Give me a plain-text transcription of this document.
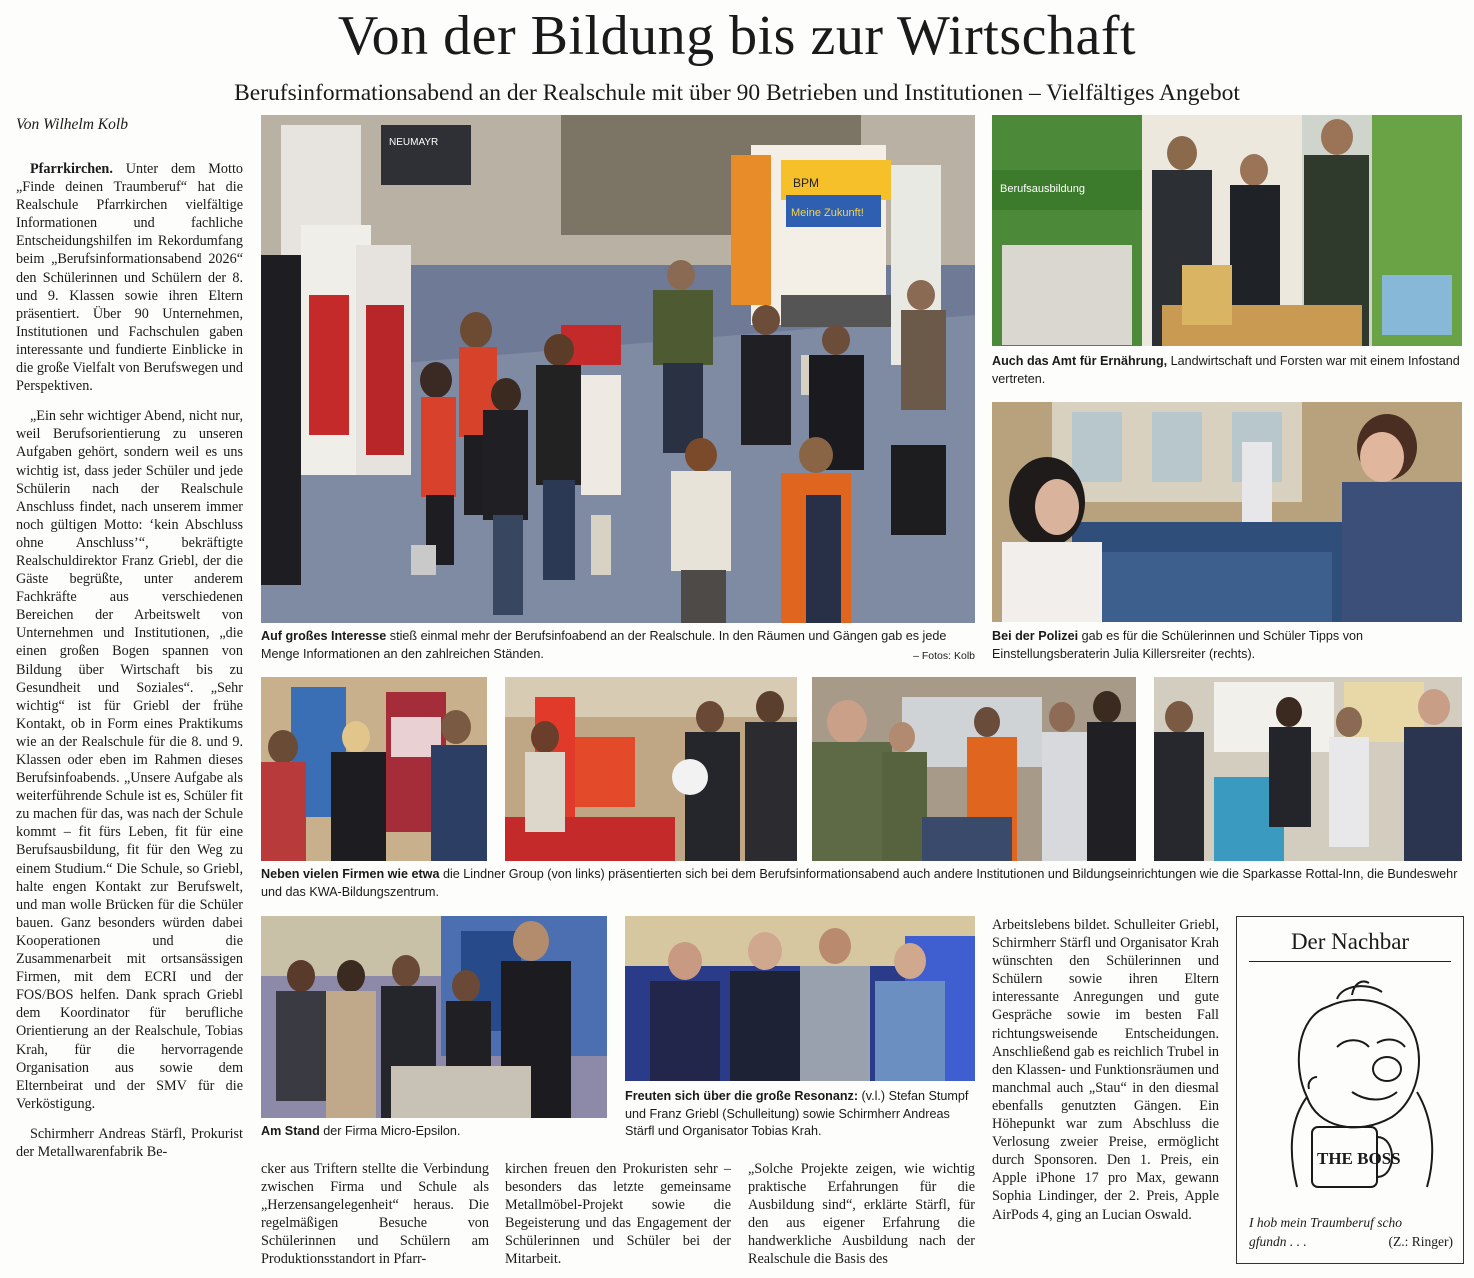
Von der Bildung bis zur Wirtschaft
Berufsinformationsabend an der Realschule mit über 90 Betrieben und Institutionen – Vielfältiges Angebot
Von Wilhelm Kolb

Pfarrkirchen. Unter dem Motto „Finde deinen Traumberuf“ hat die Realschule Pfarrkirchen vielfältige Informationen und fachliche Entscheidungshilfen im Rekordumfang beim „Berufsinformationsabend 2026“ den Schülerinnen und Schülern der 8. und 9. Klassen sowie ihren Eltern präsentiert. Über 90 Unternehmen, Institutionen und Fachschulen gaben interessante und fundierte Einblicke in die große Vielfalt von Berufswegen und Perspektiven.

„Ein sehr wichtiger Abend, nicht nur, weil Berufsorientierung zu unseren Aufgaben gehört, sondern weil es uns wichtig ist, dass jeder Schüler und jede Schülerin nach der Realschule Anschluss findet, nach unserem immer noch gültigen Motto: ‘kein Abschluss ohne Anschluss’“, bekräftigte Realschuldirektor Franz Griebl, der die Gäste begrüßte, unter anderem Fachkräfte aus verschiedenen Bereichen der Arbeitswelt von Unternehmen und Institutionen, „die einen großen Bogen spannen von Bildung über Wirtschaft bis zu Gesundheit und Soziales“. „Sehr wichtig“ ist für Griebl der frühe Kontakt, ob in Form eines Praktikums wie an der Realschule für die 8. und 9. Klassen oder eben im Rahmen dieses Berufsinfoabends. „Unsere Aufgabe als weiterführende Schule ist es, Schüler fit zu machen für das, was nach der Schule kommt – fit fürs Leben, fit für eine Berufsausbildung, fit für den Weg zu einem Studium.“ Die Schule, so Griebl, halte engen Kontakt zur Berufswelt, und man wolle Brücken für die Schüler bauen. Ganz besonders würden dabei Kooperationen und die Zusammenarbeit mit ortsansässigen Firmen, mit dem ECRI und der FOS/BOS helfen. Dank sprach Griebl dem Koordinator für berufliche Orientierung an der Realschule, Tobias Krah, für die hervorragende Organisation aus sowie dem Elternbeirat und der SMV für die Verköstigung.

Schirmherr Andreas Stärfl, Prokurist der Metallwarenfabrik Be-

NEUMAYR
BPM
Meine Zukunft!
Auf großes Interesse stieß einmal mehr der Berufsinfoabend an der Realschule. In den Räumen und Gängen gab es jede Menge Informationen an den zahlreichen Ständen.	– Fotos: Kolb
Berufsausbildung
Auch das Amt für Ernährung, Landwirtschaft und Forsten war mit einem Infostand vertreten.
Bei der Polizei gab es für die Schülerinnen und Schüler Tipps von Einstellungsberaterin Julia Killersreiter (rechts).
Neben vielen Firmen wie etwa die Lindner Group (von links) präsentierten sich bei dem Berufsinformationsabend auch andere Institutionen und Bildungseinrichtungen wie die Sparkasse Rottal-Inn, die Bundeswehr und das KWA-Bildungszentrum.
Am Stand der Firma Micro-Epsilon.
Freuten sich über die große Resonanz: (v.l.) Stefan Stumpf und Franz Griebl (Schulleitung) sowie Schirmherr Andreas Stärfl und Organisator Tobias Krah.
cker aus Triftern stellte die Verbindung zwischen Firma und Schule als „Herzensangelegenheit“ heraus. Die regelmäßigen Besuche von Schülerinnen und Schülern am Produktionsstandort in Pfarr-
kirchen freuen den Prokuristen sehr – besonders das letzte gemeinsame Metallmöbel-Projekt sowie die Begeisterung und das Engagement der Schülerinnen und Schüler bei der Mitarbeit.
„Solche Projekte zeigen, wie wichtig praktische Erfahrungen für die Ausbildung sind“, erklärte Stärfl, für den aus eigener Erfahrung die handwerkliche Ausbildung nach der Realschule die Basis des
Arbeitslebens bildet. Schulleiter Griebl, Schirmherr Stärfl und Organisator Krah wünschten den Schülerinnen und Schülern sowie ihren Eltern interessante Anregungen und gute Gespräche sowie im besten Fall richtungsweisende Entscheidungen. Anschließend gab es reichlich Trubel in den Klassen- und Funktionsräumen und manchmal auch „Stau“ in den diesmal ebenfalls genutzten Gängen. Ein Höhepunkt war zum Abschluss die Verlosung zweier Preise, ermöglicht durch Sponsoren. Den 1. Preis, ein Apple iPhone 17 pro Max, gewann Sophia Lindinger, der 2. Preis, Apple AirPods 4, ging an Lucian Oswald.
Der Nachbar
THE BOSS
I hob mein Traumberuf scho
gfundn . . .	(Z.: Ringer)
